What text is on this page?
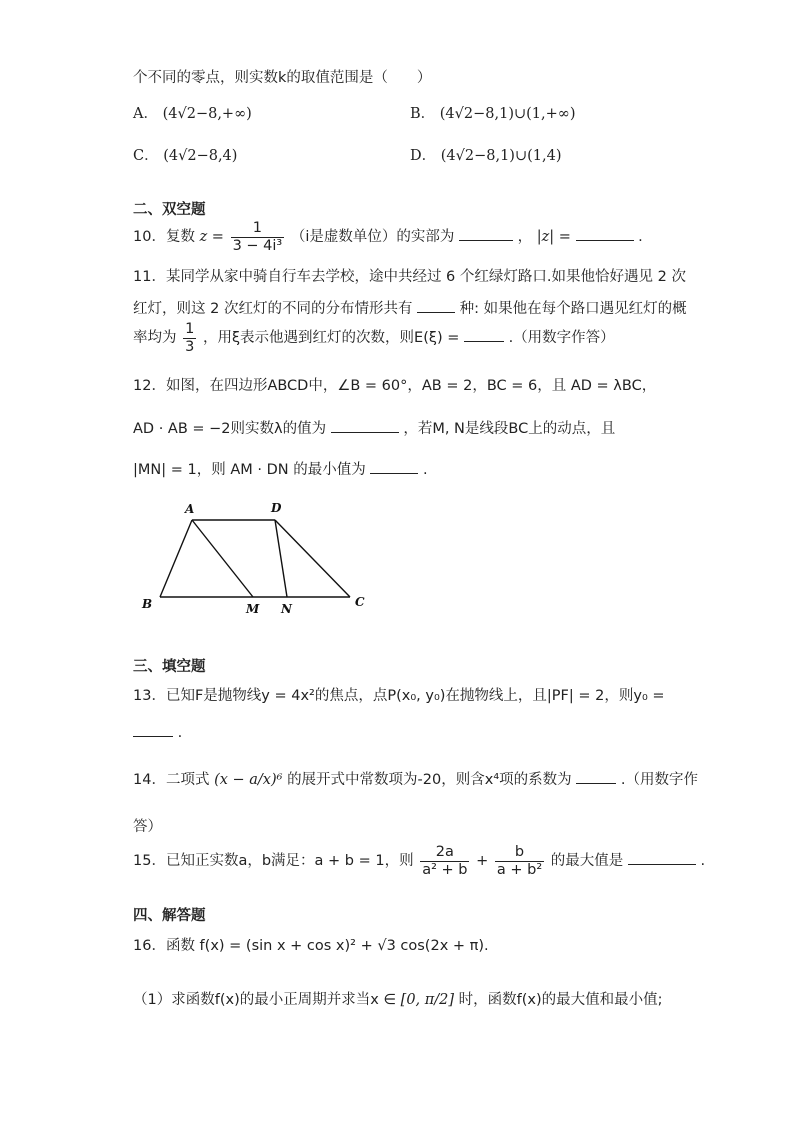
个不同的零点，则实数k的取值范围是（　　）
A． (4√2−8,+∞)	B． (4√2−8,1)∪(1,+∞)
C． (4√2−8,4)	D． (4√2−8,1)∪(1,4)
二、双空题
10．复数 $z = \frac{1}{\text{3 − 4i³}} (i$是虚数单位）的实部为	， |z| =	.
11．某同学从家中骑自行车去学校，途中共经过 6 个红绿灯路口.如果他恰好遇见 2 次
红灯，则这 2 次红灯的不同的分布情形共有	种: 如果他在每个路口遇见红灯的概
率均为 $\frac{1}{3}$ ，用ξ表示他遇到红灯的次数，则E(ξ) =	.（用数字作答）
12．如图，在四边形ABCD中，∠B = 60°，AB = 2，BC = 6，且 AD = λBC，
AD · AB = −2则实数λ的值为	，若M, N是线段BC上的动点，且
|MN| = 1，则 AM · DN 的最小值为	.
A	D
B	M N	C
三、填空题
13．已知F是抛物线y = 4x²的焦点，点P(x₀, y₀)在抛物线上，且|PF| = 2，则y₀ =
.
14．二项式 (x − a/x)⁶ 的展开式中常数项为-20，则含x⁴项的系数为	.（用数字作
答）
15．已知正实数a，b满足：a + b = 1，则 $\frac{2a}{\text{a² + b}} + \frac{b}{\text{a + b²}}$ 的最大值是	.
四、解答题
16．函数 f(x) = (sin x + cos x)² + √3 cos(2x + π).
（1）求函数f(x)的最小正周期并求当x ∈ [0, π/2] 时，函数f(x)的最大值和最小值;
